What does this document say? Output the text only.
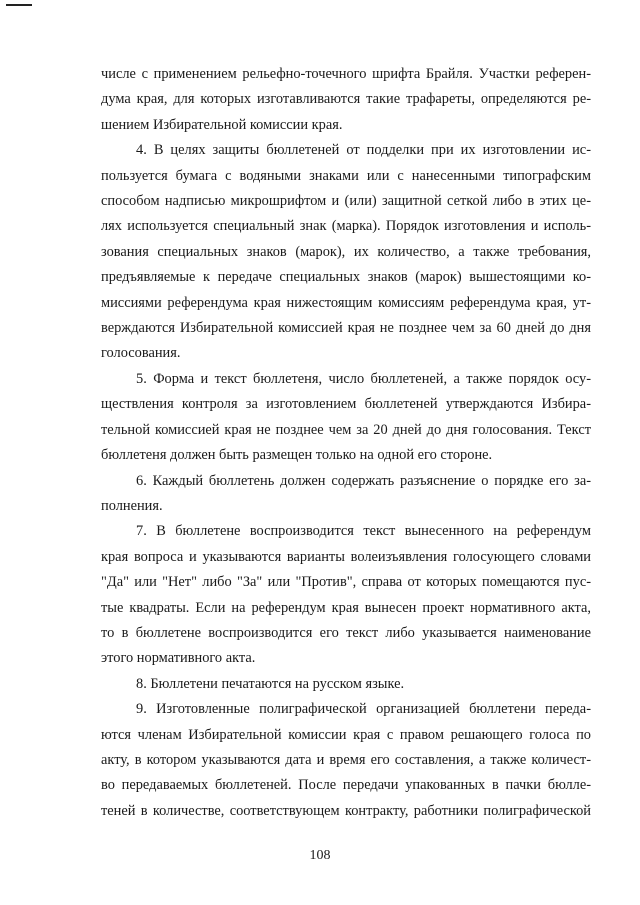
числе с применением рельефно-точечного шрифта Брайля. Участки референ-
дума края, для которых изготавливаются такие трафареты, определяются ре-
шением Избирательной комиссии края.

4. В целях защиты бюллетеней от подделки при их изготовлении ис-
пользуется бумага с водяными знаками или с нанесенными типографским
способом надписью микрошрифтом и (или) защитной сеткой либо в этих це-
лях используется специальный знак (марка). Порядок изготовления и исполь-
зования специальных знаков (марок), их количество, а также требования,
предъявляемые к передаче специальных знаков (марок) вышестоящими ко-
миссиями референдума края нижестоящим комиссиям референдума края, ут-
верждаются Избирательной комиссией края не позднее чем за 60 дней до дня
голосования.

5. Форма и текст бюллетеня, число бюллетеней, а также порядок осу-
ществления контроля за изготовлением бюллетеней утверждаются Избира-
тельной комиссией края не позднее чем за 20 дней до дня голосования. Текст
бюллетеня должен быть размещен только на одной его стороне.

6. Каждый бюллетень должен содержать разъяснение о порядке его за-
полнения.

7. В бюллетене воспроизводится текст вынесенного на референдум
края вопроса и указываются варианты волеизъявления голосующего словами
"Да" или "Нет" либо "За" или "Против", справа от которых помещаются пус-
тые квадраты. Если на референдум края вынесен проект нормативного акта,
то в бюллетене воспроизводится его текст либо указывается наименование
этого нормативного акта.

8. Бюллетени печатаются на русском языке.

9. Изготовленные полиграфической организацией бюллетени переда-
ются членам Избирательной комиссии края с правом решающего голоса по
акту, в котором указываются дата и время его составления, а также количест-
во передаваемых бюллетеней. После передачи упакованных в пачки бюлле-
теней в количестве, соответствующем контракту, работники полиграфической

108
